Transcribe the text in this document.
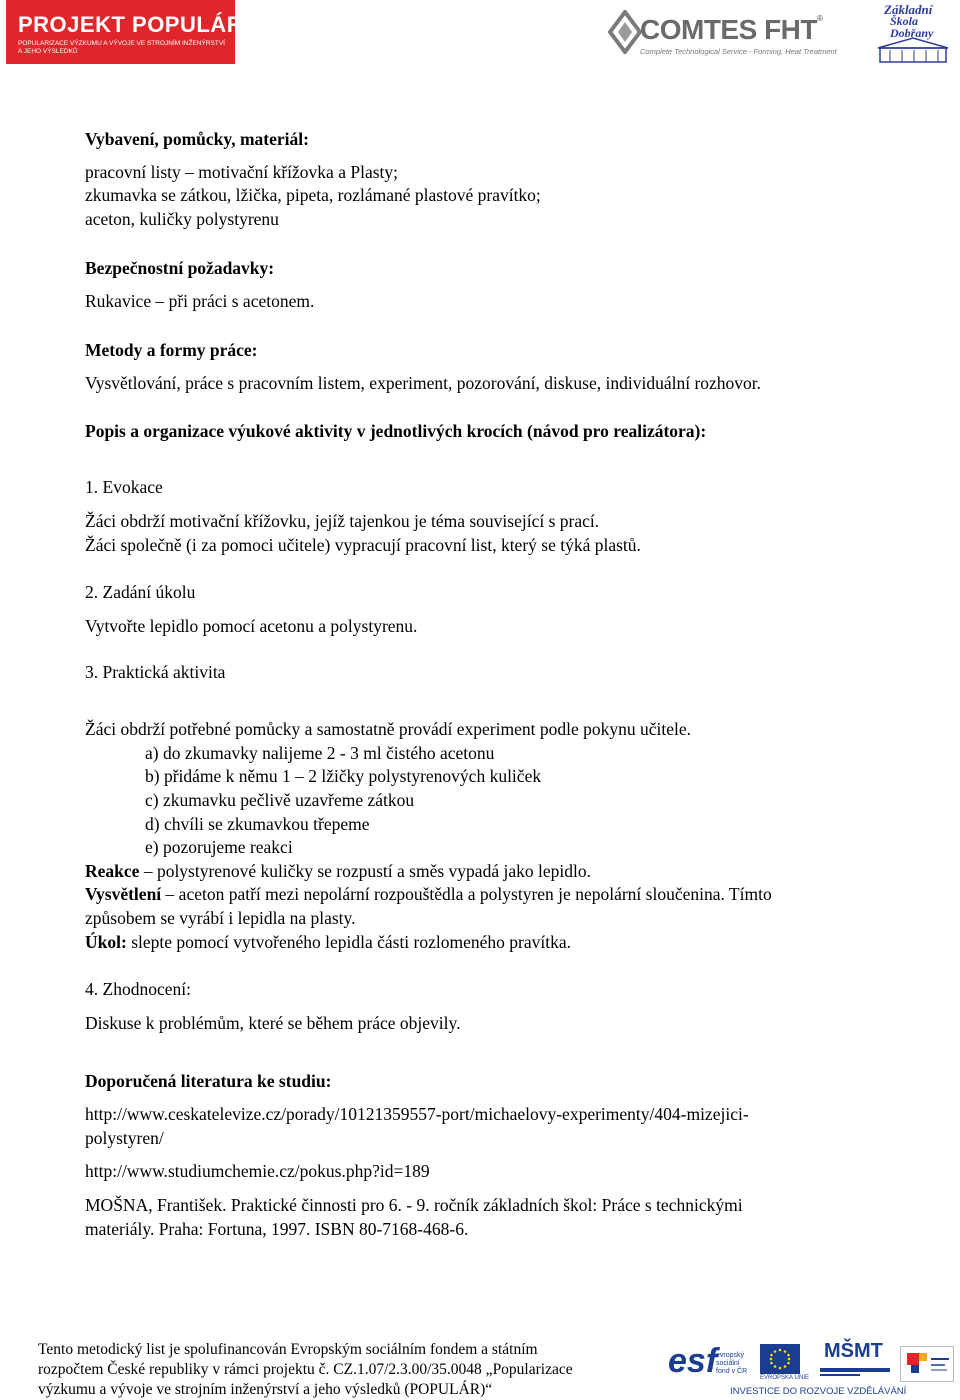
PROJEKT POPULÁR
POPULARIZACE VÝZKUMU A VÝVOJE VE STROJNÍM INŽENÝRSTVÍ
A JEHO VÝSLEDKŮ
COMTES FHT®
Complete Technological Service - Forming, Heat Treatment
Základní
Škola
Dobřany
Vybavení, pomůcky, materiál:
pracovní listy – motivační křížovka a Plasty;
zkumavka se zátkou, lžička, pipeta, rozlámané plastové pravítko;
aceton, kuličky polystyrenu
Bezpečnostní požadavky:
Rukavice – při práci s acetonem.
Metody a formy práce:
Vysvětlování, práce s pracovním listem, experiment, pozorování, diskuse, individuální rozhovor.
Popis a organizace výukové aktivity v jednotlivých krocích (návod pro realizátora):
1. Evokace
Žáci obdrží motivační křížovku, jejíž tajenkou je téma související s prací.
Žáci společně (i za pomoci učitele) vypracují pracovní list, který se týká plastů.
2. Zadání úkolu
Vytvořte lepidlo pomocí acetonu a polystyrenu.
3. Praktická aktivita
Žáci obdrží potřebné pomůcky a samostatně provádí experiment podle pokynu učitele.
a) do zkumavky nalijeme 2 - 3 ml čistého acetonu
b) přidáme k němu 1 – 2 lžičky polystyrenových kuliček
c) zkumavku pečlivě uzavřeme zátkou
d) chvíli se zkumavkou třepeme
e) pozorujeme reakci
Reakce – polystyrenové kuličky se rozpustí a směs vypadá jako lepidlo.
Vysvětlení – aceton patří mezi nepolární rozpouštědla a polystyren je nepolární sloučenina. Tímto
způsobem se vyrábí i lepidla na plasty.
Úkol: slepte pomocí vytvořeného lepidla části rozlomeného pravítka.
4. Zhodnocení:
Diskuse k problémům, které se během práce objevily.
Doporučená literatura ke studiu:
http://www.ceskatelevize.cz/porady/10121359557-port/michaelovy-experimenty/404-mizejici-
polystyren/
http://www.studiumchemie.cz/pokus.php?id=189
MOŠNA, František. Praktické činnosti pro 6. - 9. ročník základních škol: Práce s technickými
materiály. Praha: Fortuna, 1997. ISBN 80-7168-468-6.
Tento metodický list je spolufinancován Evropským sociálním fondem a státním
rozpočtem České republiky v rámci projektu č. CZ.1.07/2.3.00/35.0048 „Popularizace
výzkumu a vývoje ve strojním inženýrství a jeho výsledků (POPULÁR)“
esf
evropský
sociální
fond v ČR
EVROPSKÁ UNIE
MŠMT
INVESTICE DO ROZVOJE VZDĚLÁVÁNÍ
